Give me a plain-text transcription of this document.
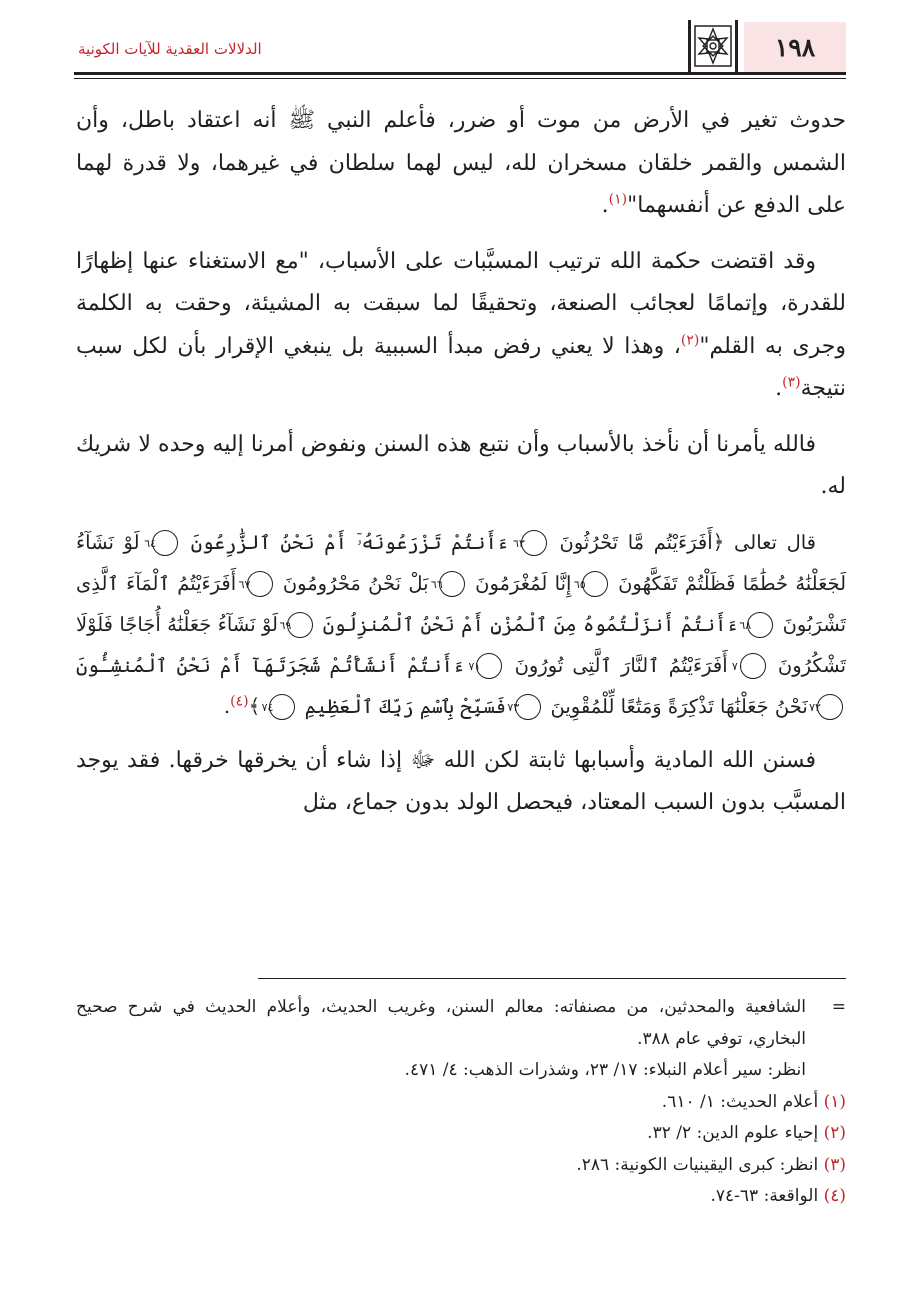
١٩٨
الدلالات العقدية للآيات الكونية

حدوث تغير في الأرض من موت أو ضرر، فأعلم النبي ﷺ أنه اعتقاد باطل، وأن الشمس والقمر خلقان مسخران لله، ليس لهما سلطان في غيرهما، ولا قدرة لهما على الدفع عن أنفسهما"$^{(١)}$.

وقد اقتضت حكمة الله ترتيب المسبَّبات على الأسباب، "مع الاستغناء عنها إظهارًا للقدرة، وإتمامًا لعجائب الصنعة، وتحقيقًا لما سبقت به المشيئة، وحقت به الكلمة وجرى به القلم"$^{(٢)}$، وهذا لا يعني رفض مبدأ السببية بل ينبغي الإقرار بأن لكل سبب نتيجة$^{(٣)}$.

فالله يأمرنا أن نأخذ بالأسباب وأن نتبع هذه السنن ونفوض أمرنا إليه وحده لا شريك له.

قال تعالى ﴿أَفَرَءَيْتُم مَّا تَحْرُثُونَ ٦٣ ءَأَنتُمْ تَزْرَعُونَهُۥٓ أَمْ نَحْنُ ٱلزَّٰرِعُونَ ٦٤ لَوْ نَشَآءُ لَجَعَلْنَٰهُ حُطَٰمًا فَظَلْتُمْ تَفَكَّهُونَ ٦٥ إِنَّا لَمُغْرَمُونَ ٦٦ بَلْ نَحْنُ مَحْرُومُونَ ٦٧ أَفَرَءَيْتُمُ ٱلْمَآءَ ٱلَّذِى تَشْرَبُونَ ٦٨ ءَأَنتُمْ أَنزَلْتُمُوهُ مِنَ ٱلْمُزْنِ أَمْ نَحْنُ ٱلْمُنزِلُونَ ٦٩ لَوْ نَشَآءُ جَعَلْنَٰهُ أُجَاجًا فَلَوْلَا تَشْكُرُونَ ٧٠ أَفَرَءَيْتُمُ ٱلنَّارَ ٱلَّتِى تُورُونَ ٧١ ءَأَنتُمْ أَنشَأْتُمْ شَجَرَتَهَآ أَمْ نَحْنُ ٱلْمُنشِـُٔونَ ٧٢ نَحْنُ جَعَلْنَٰهَا تَذْكِرَةً وَمَتَٰعًا لِّلْمُقْوِينَ ٧٣ فَسَبِّحْ بِٱسْمِ رَبِّكَ ٱلْعَظِيمِ ٧٤ ﴾$^{(٤)}$.

فسنن الله المادية وأسبابها ثابتة لكن الله ﷻ إذا شاء أن يخرقها خرقها. فقد يوجد المسبَّب بدون السبب المعتاد، فيحصل الولد بدون جماع، مثل

=الشافعية والمحدثين، من مصنفاته: معالم السنن، وغريب الحديث، وأعلام الحديث في شرح صحيح البخاري، توفي عام ٣٨٨.

انظر: سير أعلام النبلاء: ١٧/ ٢٣، وشذرات الذهب: ٤/ ٤٧١.

(١) أعلام الحديث: ١/ ٦١٠.

(٢) إحياء علوم الدين: ٢/ ٣٢.

(٣) انظر: كبرى اليقينيات الكونية: ٢٨٦.

(٤) الواقعة: ٦٣-٧٤.
